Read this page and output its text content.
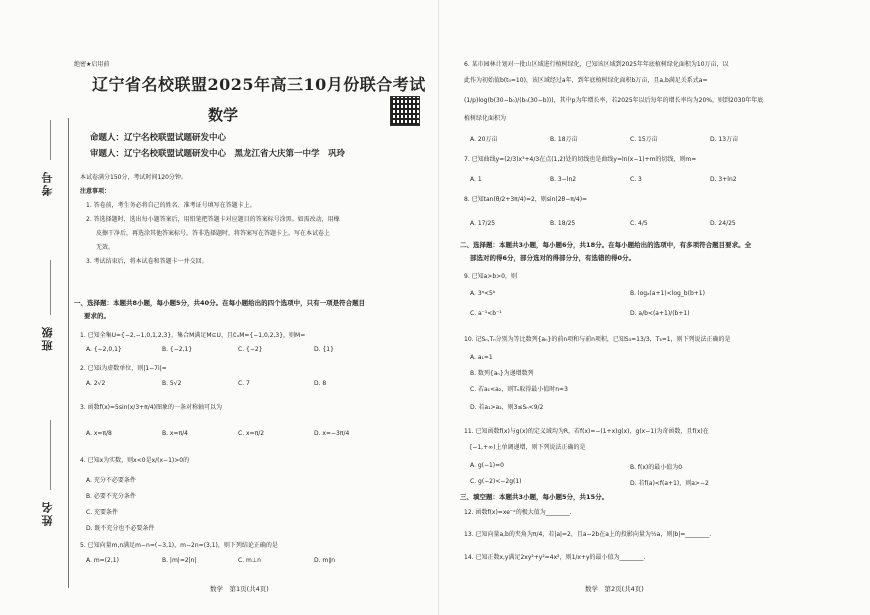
考号
班级
姓名
绝密★启用前
辽宁省名校联盟2025年高三10月份联合考试
数学
命题人：辽宁名校联盟试题研发中心
审题人：辽宁名校联盟试题研发中心　黑龙江省大庆第一中学　巩玲
本试卷满分150分，考试时间120分钟。
注意事项：
1. 答卷前，考生务必将自己的姓名、准考证号填写在答题卡上。
2. 答选择题时，选出每小题答案后，用铅笔把答题卡对应题目的答案标号涂黑。如需改动，用橡
皮擦干净后，再选涂其他答案标号。答非选择题时，将答案写在答题卡上。写在本试卷上
无效。
3. 考试结束后，将本试卷和答题卡一并交回。
一、选择题：本题共8小题，每小题5分，共40分。在每小题给出的四个选项中，只有一项是符合题目
要求的。
1. 已知全集U={−2,−1,0,1,2,3}，集合M满足M⊆U，且∁ᵤM={−1,0,2,3}，则M=
A. {−2,0,1}	B. {−2,1}	C. {−2}	D. {1}
2. 已知i为虚数单位，则|1−7i|=
A. 2√2	B. 5√2	C. 7	D. 8
3. 函数f(x)=5sin(x/3+π/4)图象的一条对称轴可以为
A. x=π/8	B. x=π/4	C. x=π/2	D. x=−3π/4
4. 已知x为实数，则x<0是x/(x−1)>0的
A. 充分不必要条件
B. 必要不充分条件
C. 充要条件
D. 既不充分也不必要条件
5. 已知向量m,n满足m−n=(−3,1)，m−2n=(3,1)，则下列结论正确的是
A. m=(2,1)	B. |m|=2|n|	C. m⊥n	D. m∥n
数学　第1页(共4页)
6. 某市园林计划对一批山区域进行植树绿化，已知该区域到2025年年底植树绿化面积为10万亩，以
此作为初始值b(t₀=10)，该区域经过a年，到年底植树绿化面积b万亩，且a,b满足关系式a=
(1/p)log(b(30−b₀)/(b₀(30−b)))，其中p为年增长率，若2025年以后每年的增长率均为20%，则到2030年年底
植树绿化面积为
A. 20万亩	B. 18万亩	C. 15万亩	D. 13万亩
7. 已知曲线y=(2/3)x³+4/3在点(1,2)处的切线也是曲线y=ln(x−1)+m的切线，则m=
A. 1	B. 3−ln2	C. 3	D. 3+ln2
8. 已知tan(θ/2+3π/4)=2，则sin(2θ−π/4)=
A. 17/25	B. 18/25	C. 4/5	D. 24/25
二、选择题：本题共3小题，每小题6分，共18分。在每小题给出的选项中，有多项符合题目要求。全
部选对的得6分，部分选对的得部分分，有选错的得0分。
9. 已知a>b>0，则
A. 3ᵃ<5ᵇ	B. logₐ(a+1)<log_b(b+1)
C. a⁻¹<b⁻¹	D. a/b<(a+1)/(b+1)
10. 记Sₙ,Tₙ分别为等比数列{aₙ}的前n项和与前n项积，已知S₃=13/3，T₃=1，则下列说法正确的是
A. a₁=1
B. 数列{aₙ}为递增数列
C. 若a₁<a₂，则Tₙ取得最小值时n=3
D. 若a₁>a₂，则3≤Sₙ<9/2
11. 已知函数f(x)与g(x)的定义域均为R，若f(x)=−(1+x)g(x)，g(x−1)为奇函数，且f(x)在
[−1,+∞)上单调递增，则下列说法正确的是
A. g(−1)=0	B. f(x)的最小值为0
C. g(−2)<−2g(1)	D. 若f(a)<f(a+1)，则a>−2
三、填空题：本题共3小题，每小题5分，共15分。
12. 函数f(x)=xe⁻ˣ的极大值为________.
13. 已知向量a,b的夹角为π/4，若|a|=2，且a−2b在a上的投影向量为½a，则|b|=________.
14. 已知正数x,y满足2xy²+y²=4x²，则1/x+y的最小值为________.
数学　第2页(共4页)
